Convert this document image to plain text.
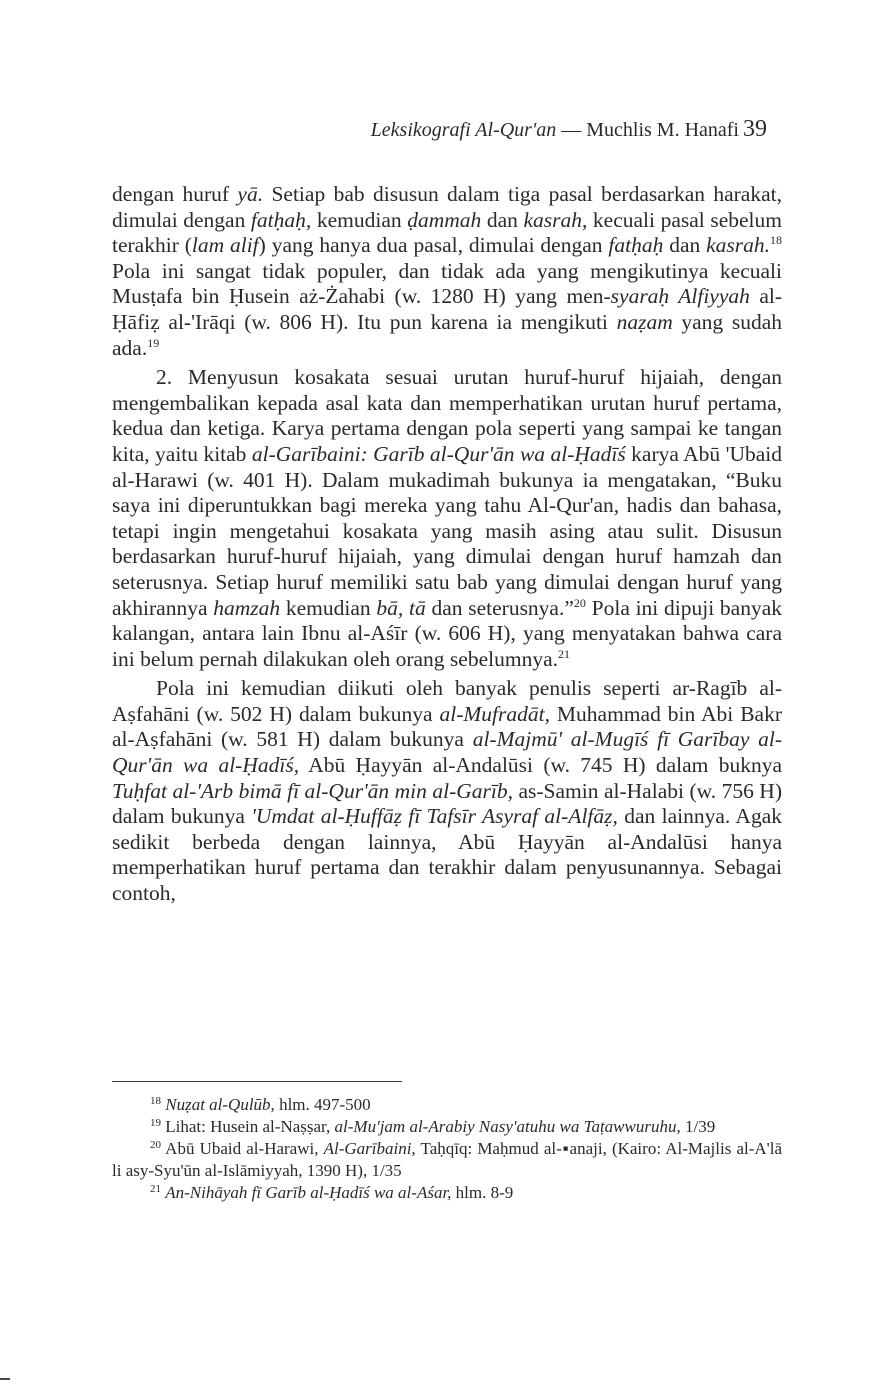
Leksikografi Al-Qur'an — Muchlis M. Hanafi 39

dengan huruf yā. Setiap bab disusun dalam tiga pasal berdasarkan harakat, dimulai dengan fatḥaḥ, kemudian ḍammah dan kasrah, kecuali pasal sebelum terakhir (lam alif) yang hanya dua pasal, dimulai dengan fatḥaḥ dan kasrah.$^{18}$ Pola ini sangat tidak populer, dan tidak ada yang mengikutinya kecuali Musṭafa bin Ḥusein aż-Żahabi (w. 1280 H) yang men-syaraḥ Alfiyyah al-Ḥāfiẓ al-'Irāqi (w. 806 H). Itu pun karena ia mengikuti naẓam yang sudah ada.$^{19}$

2. Menyusun kosakata sesuai urutan huruf-huruf hijaiah, dengan mengembalikan kepada asal kata dan memperhatikan urutan huruf pertama, kedua dan ketiga. Karya pertama dengan pola seperti yang sampai ke tangan kita, yaitu kitab al-Garībaini: Garīb al-Qur'ān wa al-Ḥadīś karya Abū 'Ubaid al-Harawi (w. 401 H). Dalam mukadimah bukunya ia mengatakan, “Buku saya ini diperuntukkan bagi mereka yang tahu Al-Qur'an, hadis dan bahasa, tetapi ingin mengetahui kosakata yang masih asing atau sulit. Disusun berdasarkan huruf-huruf hijaiah, yang dimulai dengan huruf hamzah dan seterusnya. Setiap huruf memiliki satu bab yang dimulai dengan huruf yang akhirannya hamzah kemudian bā, tā dan seterusnya.”$^{20}$ Pola ini dipuji banyak kalangan, antara lain Ibnu al-Aśīr (w. 606 H), yang menyatakan bahwa cara ini belum pernah dilakukan oleh orang sebelumnya.$^{21}$

Pola ini kemudian diikuti oleh banyak penulis seperti ar-Ragīb al-Aṣfahāni (w. 502 H) dalam bukunya al-Mufradāt, Muhammad bin Abi Bakr al-Aṣfahāni (w. 581 H) dalam bukunya al-Majmū' al-Mugīś fī Garībay al-Qur'ān wa al-Ḥadīś, Abū Ḥayyān al-Andalūsi (w. 745 H) dalam buknya Tuḥfat al-'Arb bimā fī al-Qur'ān min al-Garīb, as-Samin al-Halabi (w. 756 H) dalam bukunya 'Umdat al-Ḥuffāẓ fī Tafsīr Asyraf al-Alfāẓ, dan lainnya. Agak sedikit berbeda dengan lainnya, Abū Ḥayyān al-Andalūsi hanya memperhatikan huruf pertama dan terakhir dalam penyusunannya. Sebagai contoh,

$^{18}$ Nuẓat al-Qulūb, hlm. 497-500

$^{19}$ Lihat: Husein al-Naṣṣar, al-Mu'jam al-Arabiy Nasy'atuhu wa Taṭawwuruhu, 1/39

$^{20}$ Abū Ubaid al-Harawi, Al-Garībaini, Taḥqīq: Maḥmud al-▪anaji, (Kairo: Al-Majlis al-A'lā li asy-Syu'ūn al-Islāmiyyah, 1390 H), 1/35

$^{21}$ An-Nihāyah fī Garīb al-Ḥadīś wa al-Aśar, hlm. 8-9
